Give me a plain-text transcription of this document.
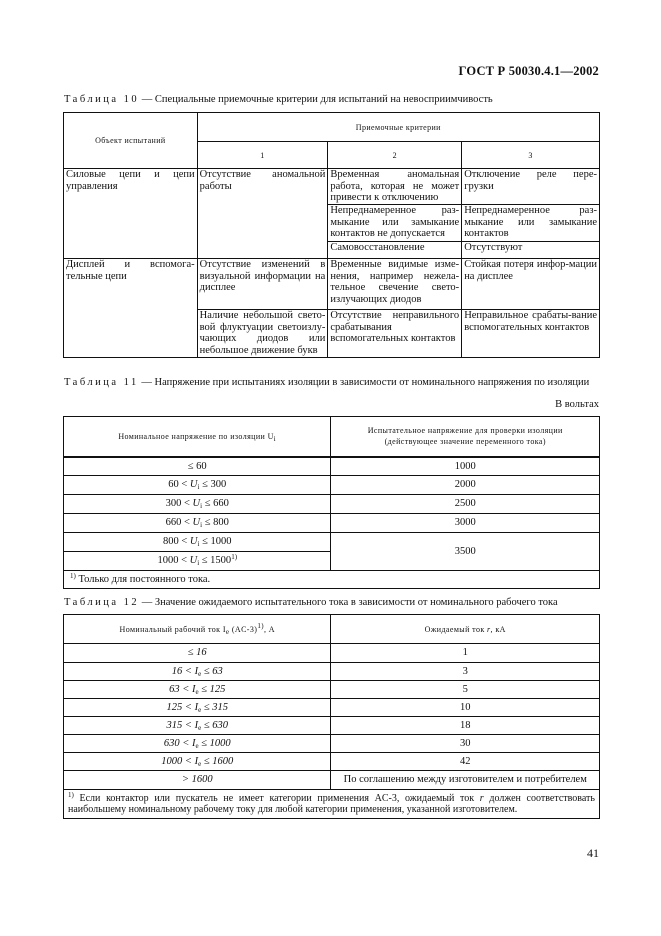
ГОСТ Р 50030.4.1—2002
Таблица 10 — Специальные приемочные критерии для испытаний на невосприимчивость
Объект испытаний	Приемочные критерии		
	1	2	3
Силовые цепи и цепи управления	Отсутствие аномальной работы	Временная аномальная работа, которая не может привести к отключению	Отключение реле пере-грузки
		Непреднамеренное раз-мыкание или замыкание контактов не допускается	Непреднамеренное раз-мыкание или замыкание контактов
		Самовосстановление	Отсутствуют
Дисплей и вспомога-тельные цепи	Отсутствие изменений в визуальной информации на дисплее	Временные видимые изме-нения, например нежела-тельное свечение свето-излучающих диодов	Стойкая потеря инфор-мации на дисплее
	Наличие небольшой свето-вой флуктуации светоизлу-чающих диодов или небольшое движение букв	Отсутствие неправильного срабатывания вспомогательных контактов	Неправильное срабаты-вание вспомогательных контактов
Таблица 11 — Напряжение при испытаниях изоляции в зависимости от номинального напряжения по изоляции
В вольтах
Номинальное напряжение по изоляции $U_i$	Испытательное напряжение для проверки изоляции
(действующее значение переменного тока)

≤ 60	1000
$60 < U_i \le 300$	2000
$300 < U_i \le 660$	2500
$660 < U_i \le 800$	3000
$800 < U_i \le 1000$	3500
$1000 < U_i \le 1500^{1)}$
$^{1)}$ Только для постоянного тока.	
Таблица 12 — Значение ожидаемого испытательного тока в зависимости от номинального рабочего тока
Номинальный рабочий ток $I_e$ $(AC-3)^{1)}$, А	Ожидаемый ток r, кА
≤ 16	1
$16 < I_e \le 63$	3
$63 < I_e \le 125$	5
$125 < I_e \le 315$	10
$315 < I_e \le 630$	18
$630 < I_e \le 1000$	30
$1000 < I_e \le 1600$	42
> 1600	По соглашению между изготовителем и потребителем
$^{1)}$ Если контактор или пускатель не имеет категории применения AC-3, ожидаемый ток r должен соответствовать наибольшему номинальному рабочему току для любой категории применения, указанной изготовителем.	
41
